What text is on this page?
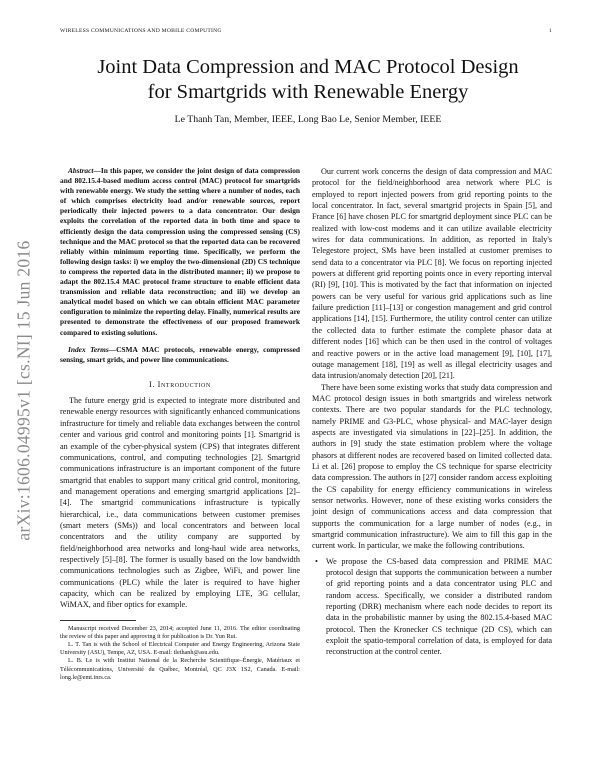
WIRELESS COMMUNICATIONS AND MOBILE COMPUTING	1
arXiv:1606.04995v1 [cs.NI] 15 Jun 2016
Joint Data Compression and MAC Protocol Design
for Smartgrids with Renewable Energy
Le Thanh Tan, Member, IEEE, Long Bao Le, Senior Member, IEEE

Abstract—In this paper, we consider the joint design of data compression and 802.15.4-based medium access control (MAC) protocol for smartgrids with renewable energy. We study the setting where a number of nodes, each of which comprises electricity load and/or renewable sources, report periodically their injected powers to a data concentrator. Our design exploits the correlation of the reported data in both time and space to efficiently design the data compression using the compressed sensing (CS) technique and the MAC protocol so that the reported data can be recovered reliably within minimum reporting time. Specifically, we perform the following design tasks: i) we employ the two-dimensional (2D) CS technique to compress the reported data in the distributed manner; ii) we propose to adapt the 802.15.4 MAC protocol frame structure to enable efficient data transmission and reliable data reconstruction; and iii) we develop an analytical model based on which we can obtain efficient MAC parameter configuration to minimize the reporting delay. Finally, numerical results are presented to demonstrate the effectiveness of our proposed framework compared to existing solutions.

Index Terms—CSMA MAC protocols, renewable energy, compressed sensing, smart grids, and power line communications.

I. Introduction

The future energy grid is expected to integrate more distributed and renewable energy resources with significantly enhanced communications infrastructure for timely and reliable data exchanges between the control center and various grid control and monitoring points [1]. Smartgrid is an example of the cyber-physical system (CPS) that integrates different communications, control, and computing technologies [2]. Smartgrid communications infrastructure is an important component of the future smartgrid that enables to support many critical grid control, monitoring, and management operations and emerging smartgrid applications [2]–[4]. The smartgrid communications infrastructure is typically hierarchical, i.e., data communications between customer premises (smart meters (SMs)) and local concentrators and between local concentrators and the utility company are supported by field/neighborhood area networks and long-haul wide area networks, respectively [5]–[8]. The former is usually based on the low bandwidth communications technologies such as Zigbee, WiFi, and power line communications (PLC) while the later is required to have higher capacity, which can be realized by employing LTE, 3G cellular, WiMAX, and fiber optics for example.

Manuscript received December 23, 2014; accepted June 11, 2016. The editor coordinating the review of this paper and approving it for publication is Dr. Yun Rui.

L. T. Tan is with the School of Electrical Computer and Energy Engineering, Arizona State University (ASU), Tempe, AZ, USA. E-mail: tlethanh@asu.edu.

L. B. Le is with Institut National de la Recherche Scientifique–Énergie, Matériaux et Télécommunications, Université du Québec, Montréal, QC J3X 1S2, Canada. E-mail: long.le@emt.inrs.ca.

Our current work concerns the design of data compression and MAC protocol for the field/neighborhood area network where PLC is employed to report injected powers from grid reporting points to the local concentrator. In fact, several smartgrid projects in Spain [5], and France [6] have chosen PLC for smartgrid deployment since PLC can be realized with low-cost modems and it can utilize available electricity wires for data communications. In addition, as reported in Italy's Telegestore project, SMs have been installed at customer premises to send data to a concentrator via PLC [8]. We focus on reporting injected powers at different grid reporting points once in every reporting interval (RI) [9], [10]. This is motivated by the fact that information on injected powers can be very useful for various grid applications such as line failure prediction [11]–[13] or congestion management and grid control applications [14], [15]. Furthermore, the utility control center can utilize the collected data to further estimate the complete phasor data at different nodes [16] which can be then used in the control of voltages and reactive powers or in the active load management [9], [10], [17], outage management [18], [19] as well as illegal electricity usages and data intrusion/anomaly detection [20], [21].

There have been some existing works that study data compression and MAC protocol design issues in both smartgrids and wireless network contexts. There are two popular standards for the PLC technology, namely PRIME and G3-PLC, whose physical- and MAC-layer design aspects are investigated via simulations in [22]–[25]. In addition, the authors in [9] study the state estimation problem where the voltage phasors at different nodes are recovered based on limited collected data. Li et al. [26] propose to employ the CS technique for sparse electricity data compression. The authors in [27] consider random access exploiting the CS capability for energy efficiency communications in wireless sensor networks. However, none of these existing works considers the joint design of communications access and data compression that supports the communication for a large number of nodes (e.g., in smartgrid communication infrastructure). We aim to fill this gap in the current work. In particular, we make the following contributions.

• We propose the CS-based data compression and PRIME MAC protocol design that supports the communication between a number of grid reporting points and a data concentrator using PLC and random access. Specifically, we consider a distributed random reporting (DRR) mechanism where each node decides to report its data in the probabilistic manner by using the 802.15.4-based MAC protocol. Then the Kronecker CS technique (2D CS), which can exploit the spatio-temporal correlation of data, is employed for data reconstruction at the control center.
